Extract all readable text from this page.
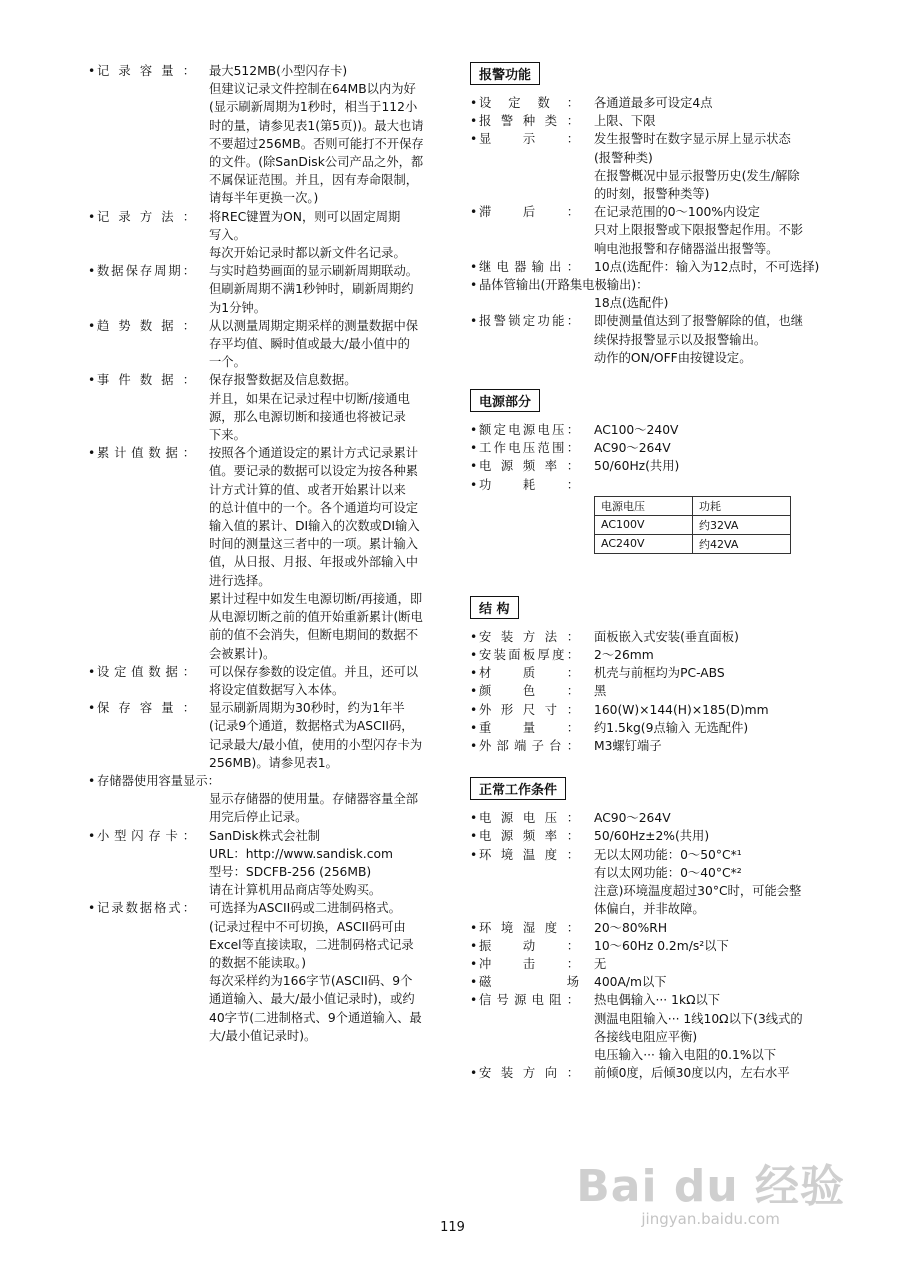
• 记录容量：	最大512MB(小型闪存卡)
但建议记录文件控制在64MB以内为好
(显示刷新周期为1秒时，相当于112小
时的量，请参见表1(第5页))。最大也请
不要超过256MB。否则可能打不开保存
的文件。(除SanDisk公司产品之外，都
不属保证范围。并且，因有寿命限制，
请每半年更换一次。)
• 记录方法：	将REC键置为ON，则可以固定周期
写入。
每次开始记录时都以新文件名记录。
• 数据保存周期：	与实时趋势画面的显示刷新周期联动。
但刷新周期不满1秒钟时，刷新周期约
为1分钟。
• 趋势数据：	从以测量周期定期采样的测量数据中保
存平均值、瞬时值或最大/最小值中的
一个。
• 事件数据：	保存报警数据及信息数据。
并且，如果在记录过程中切断/接通电
源，那么电源切断和接通也将被记录
下来。
• 累计值数据：	按照各个通道设定的累计方式记录累计
值。要记录的数据可以设定为按各种累
计方式计算的值、或者开始累计以来
的总计值中的一个。各个通道均可设定
输入值的累计、DI输入的次数或DI输入
时间的测量这三者中的一项。累计输入
值，从日报、月报、年报或外部输入中
进行选择。
累计过程中如发生电源切断/再接通，即
从电源切断之前的值开始重新累计(断电
前的值不会消失，但断电期间的数据不
会被累计)。
• 设定值数据：	可以保存参数的设定值。并且，还可以
将设定值数据写入本体。
• 保存容量：	显示刷新周期为30秒时，约为1年半
(记录9个通道，数据格式为ASCII码，
记录最大/最小值，使用的小型闪存卡为
256MB)。请参见表1。
• 存储器使用容量显示：
显示存储器的使用量。存储器容量全部
用完后停止记录。
• 小型闪存卡：	SanDisk株式会社制
URL：http://www.sandisk.com
型号：SDCFB-256 (256MB)
请在计算机用品商店等处购买。
• 记录数据格式：	可选择为ASCII码或二进制码格式。
(记录过程中不可切换，ASCII码可由
Excel等直接读取，二进制码格式记录
的数据不能读取。)
每次采样约为166字节(ASCII码、9个
通道输入、最大/最小值记录时)，或约
40字节(二进制格式、9个通道输入、最
大/最小值记录时)。
报警功能
• 设定数：	各通道最多可设定4点
• 报警种类：	上限、下限
• 显示：	发生报警时在数字显示屏上显示状态
(报警种类)
在报警概况中显示报警历史(发生/解除
的时刻，报警种类等)
• 滞后：	在记录范围的0～100%内设定
只对上限报警或下限报警起作用。不影
响电池报警和存储器溢出报警等。
• 继电器输出：	10点(选配件：输入为12点时，不可选择)
• 晶体管输出(开路集电极输出)：
18点(选配件)
• 报警锁定功能：	即使测量值达到了报警解除的值，也继
续保持报警显示以及报警输出。
动作的ON/OFF由按键设定。
电源部分
• 额定电源电压：	AC100～240V
• 工作电压范围：	AC90～264V
• 电源频率：	50/60Hz(共用)
• 功耗：
电源电压	功耗
AC100V	约32VA
AC240V	约42VA
结 构
• 安装方法：	面板嵌入式安装(垂直面板)
• 安装面板厚度：	2～26mm
• 材质：	机壳与前框均为PC-ABS
• 颜色：	黑
• 外形尺寸：	160(W)×144(H)×185(D)mm
• 重量：	约1.5kg(9点输入 无选配件)
• 外部端子台：	M3螺钉端子
正常工作条件
• 电源电压：	AC90～264V
• 电源频率：	50/60Hz±2%(共用)
• 环境温度：	无以太网功能：0～50°C*¹
有以太网功能：0～40°C*²
注意)环境温度超过30°C时，可能会整
体偏白，并非故障。
• 环境湿度：	20～80%RH
• 振动：	10～60Hz 0.2m/s²以下
• 冲击：	无
• 磁场	400A/m以下
• 信号源电阻：	热电偶输入··· 1kΩ以下
测温电阻输入··· 1线10Ω以下(3线式的
各接线电阻应平衡)
电压输入··· 输入电阻的0.1%以下
• 安装方向：	前倾0度，后倾30度以内，左右水平
119
Bai du 经验
jingyan.baidu.com
